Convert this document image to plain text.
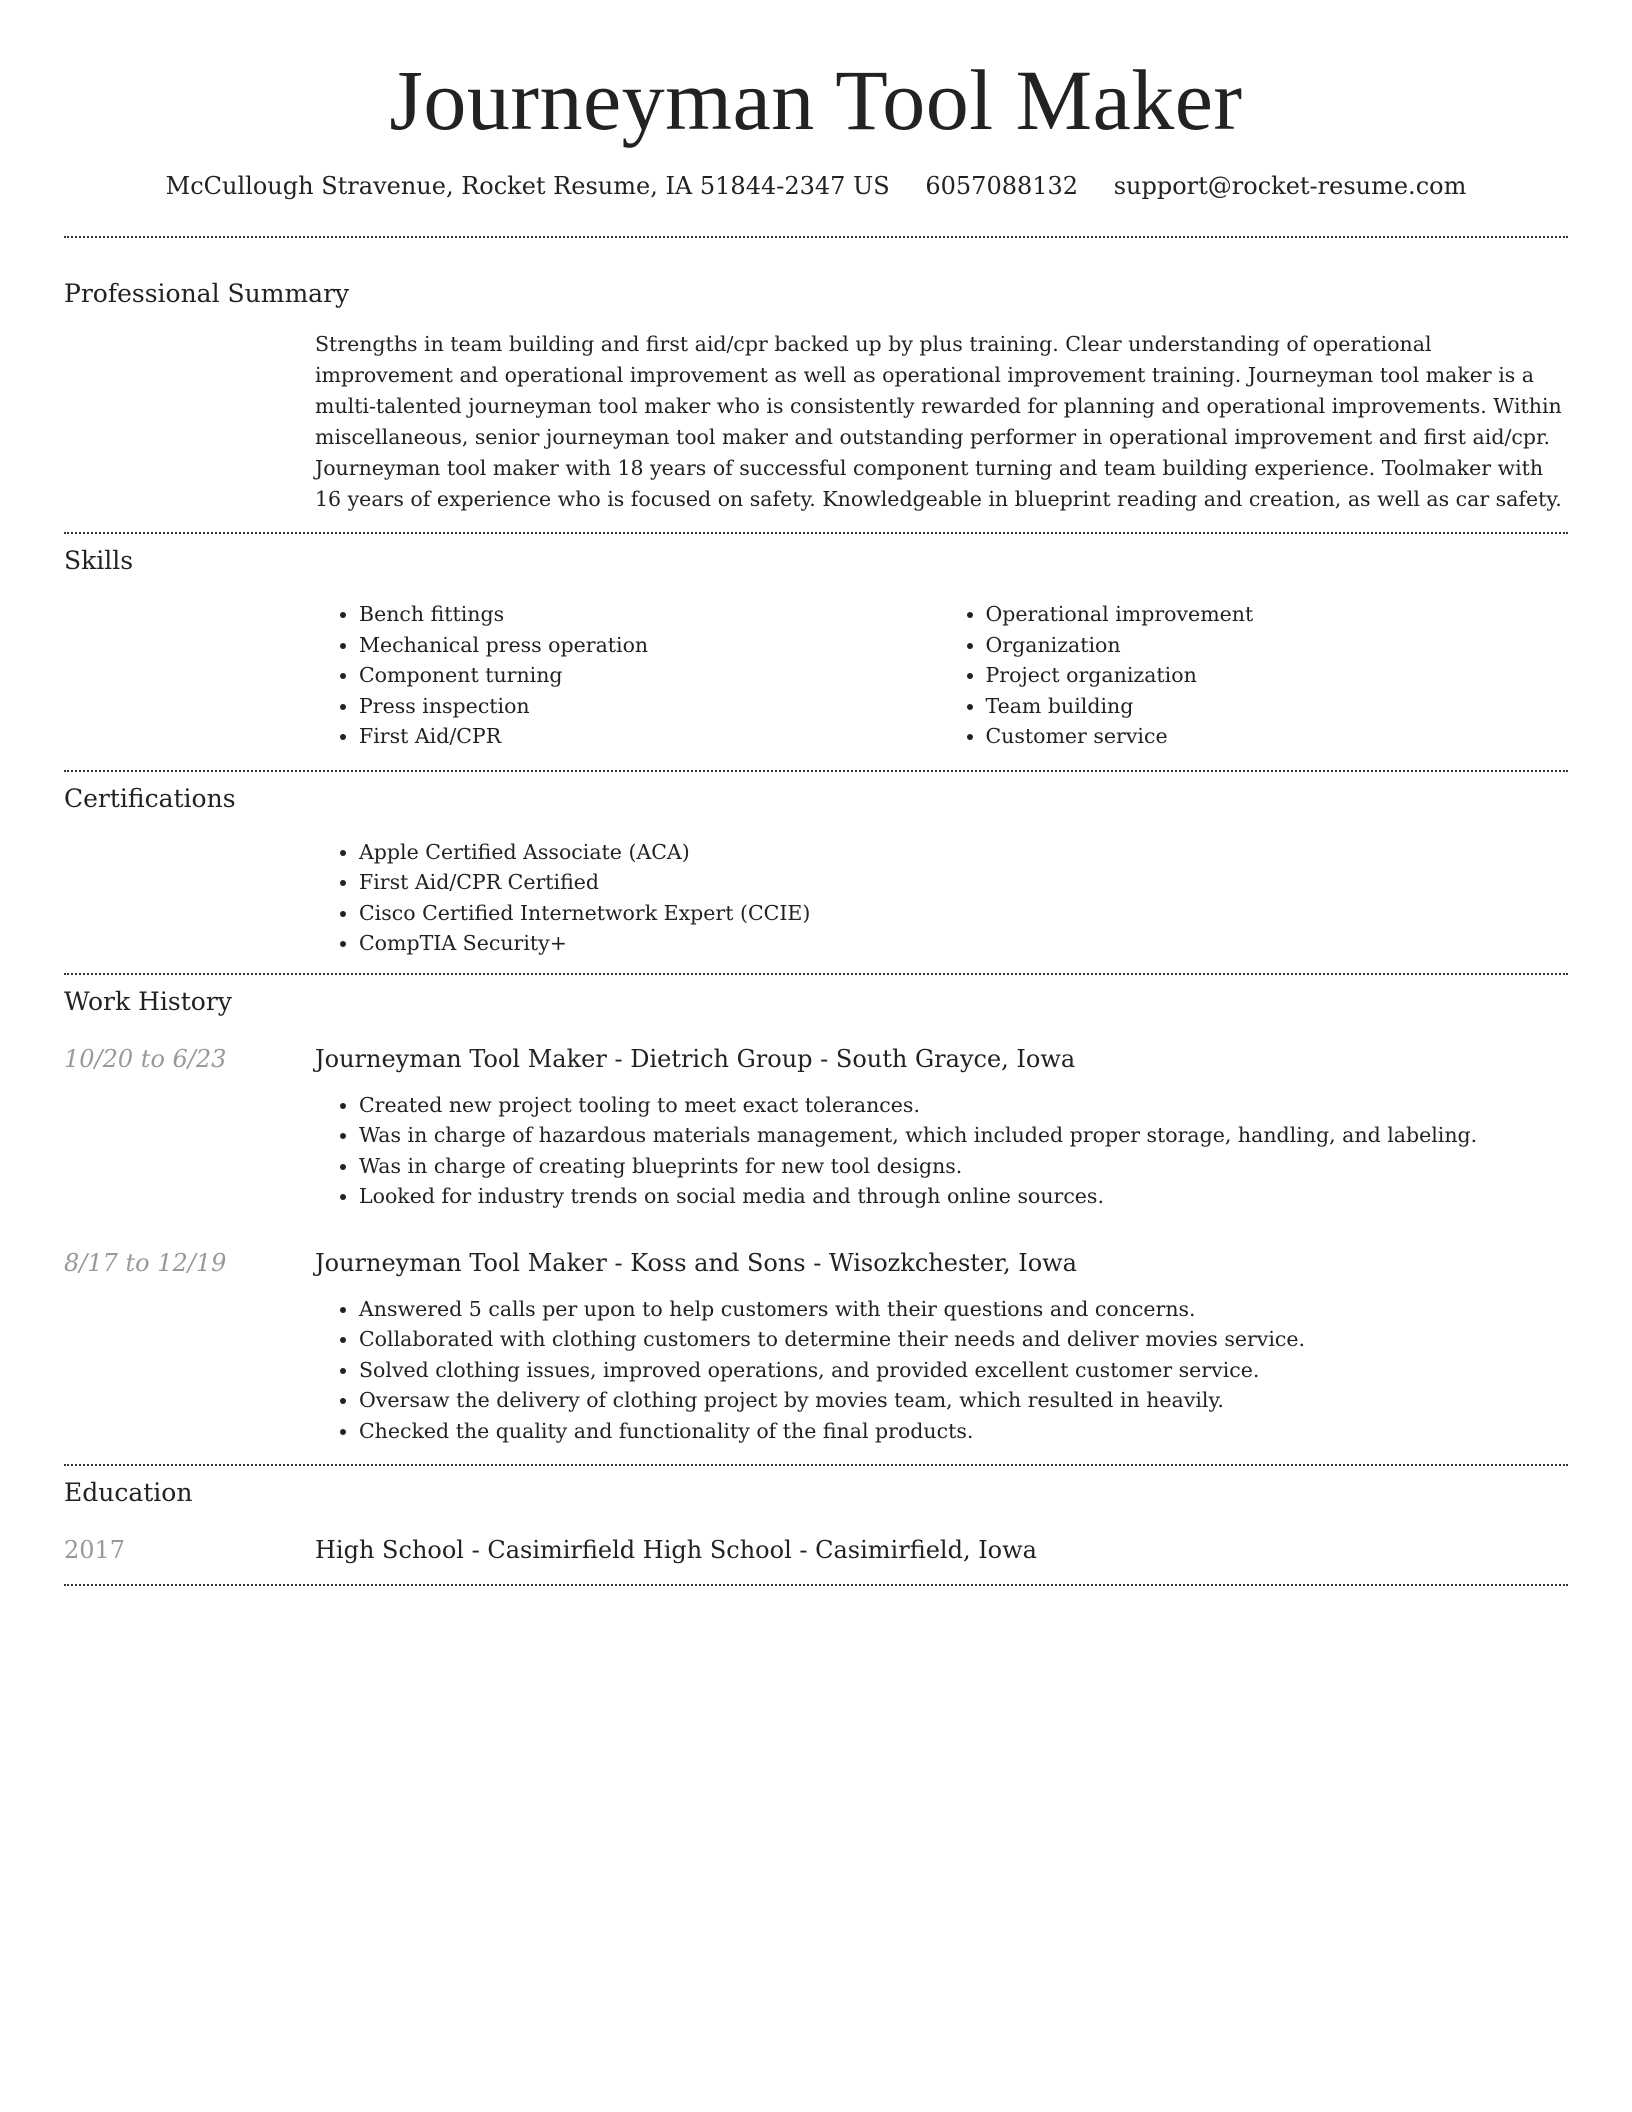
Journeyman Tool Maker
McCullough Stravenue, Rocket Resume, IA 51844-2347 US 6057088132 support@rocket-resume.com
Professional Summary
Strengths in team building and first aid/cpr backed up by plus training. Clear understanding of operational improvement and operational improvement as well as operational improvement training. Journeyman tool maker is a multi-talented journeyman tool maker who is consistently rewarded for planning and operational improvements. Within miscellaneous, senior journeyman tool maker and outstanding performer in operational improvement and first aid/cpr. Journeyman tool maker with 18 years of successful component turning and team building experience. Toolmaker with 16 years of experience who is focused on safety. Knowledgeable in blueprint reading and creation, as well as car safety.
Skills
• Bench fittings
• Mechanical press operation
• Component turning
• Press inspection
• First Aid/CPR
• Operational improvement
• Organization
• Project organization
• Team building
• Customer service
Certifications
• Apple Certified Associate (ACA)
• First Aid/CPR Certified
• Cisco Certified Internetwork Expert (CCIE)
• CompTIA Security+
Work History
10/20 to 6/23	Journeyman Tool Maker - Dietrich Group - South Grayce, Iowa
• Created new project tooling to meet exact tolerances.
• Was in charge of hazardous materials management, which included proper storage, handling, and labeling.
• Was in charge of creating blueprints for new tool designs.
• Looked for industry trends on social media and through online sources.
8/17 to 12/19	Journeyman Tool Maker - Koss and Sons - Wisozkchester, Iowa
• Answered 5 calls per upon to help customers with their questions and concerns.
• Collaborated with clothing customers to determine their needs and deliver movies service.
• Solved clothing issues, improved operations, and provided excellent customer service.
• Oversaw the delivery of clothing project by movies team, which resulted in heavily.
• Checked the quality and functionality of the final products.
Education
2017	High School - Casimirfield High School - Casimirfield, Iowa
